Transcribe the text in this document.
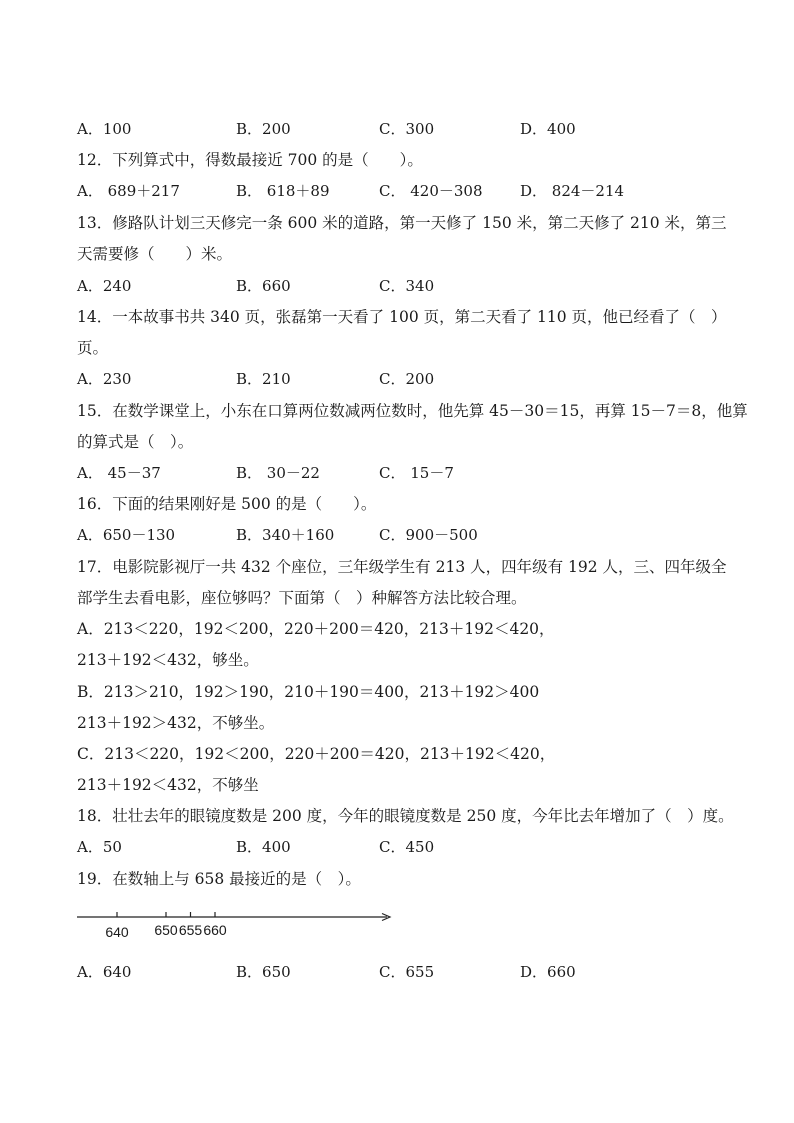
A．100	B．200	C．300	D．400
12．下列算式中，得数最接近 700 的是（　　）。
A． 689＋217	B． 618＋89	C． 420－308 D． 824－214
13．修路队计划三天修完一条 600 米的道路，第一天修了 150 米，第二天修了 210 米，第三
天需要修（　　）米。
A．240	B．660	C．340
14．一本故事书共 340 页，张磊第一天看了 100 页，第二天看了 110 页，他已经看了（　）
页。
A．230	B．210	C．200
15．在数学课堂上，小东在口算两位数减两位数时，他先算 45－30＝15，再算 15－7＝8，他算
的算式是（　）。
A． 45－37	B． 30－22	C． 15－7
16．下面的结果刚好是 500 的是（　　）。
A．650－130	B．340＋160	C．900－500
17．电影院影视厅一共 432 个座位，三年级学生有 213 人，四年级有 192 人，三、四年级全
部学生去看电影，座位够吗？下面第（　）种解答方法比较合理。
A．213＜220，192＜200，220＋200＝420，213＋192＜420，
213＋192＜432，够坐。
B．213＞210，192＞190，210＋190＝400，213＋192＞400
213＋192＞432，不够坐。
C．213＜220，192＜200，220＋200＝420，213＋192＜420，
213＋192＜432，不够坐
18．壮壮去年的眼镜度数是 200 度，今年的眼镜度数是 250 度，今年比去年增加了（　）度。
A．50	B．400	C．450
19．在数轴上与 658 最接近的是（　）。
640 650 655 660
A．640	B．650	C．655	D．660
